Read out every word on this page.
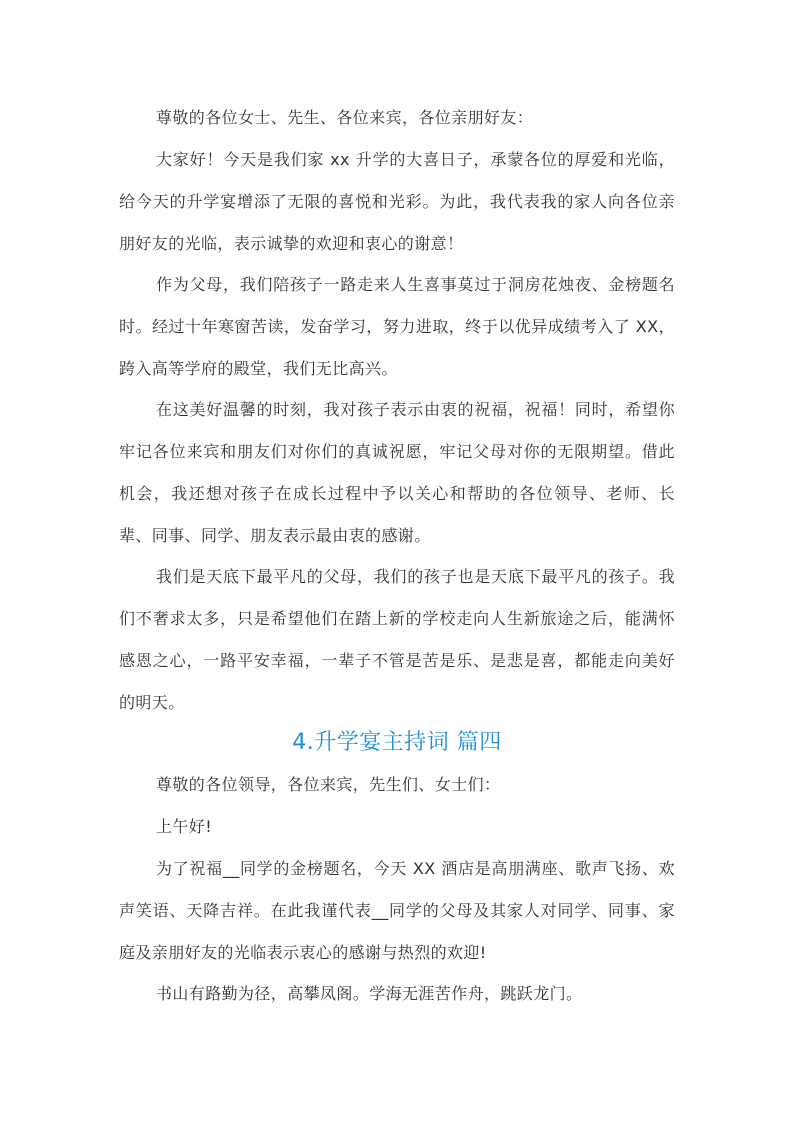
尊敬的各位女士、先生、各位来宾，各位亲朋好友：

大家好！今天是我们家 xx 升学的大喜日子，承蒙各位的厚爱和光临，给今天的升学宴增添了无限的喜悦和光彩。为此，我代表我的家人向各位亲朋好友的光临，表示诚挚的欢迎和衷心的谢意！

作为父母，我们陪孩子一路走来人生喜事莫过于洞房花烛夜、金榜题名时。经过十年寒窗苦读，发奋学习，努力进取，终于以优异成绩考入了 XX，跨入高等学府的殿堂，我们无比高兴。

在这美好温馨的时刻，我对孩子表示由衷的祝福，祝福！同时，希望你牢记各位来宾和朋友们对你们的真诚祝愿，牢记父母对你的无限期望。借此机会，我还想对孩子在成长过程中予以关心和帮助的各位领导、老师、长辈、同事、同学、朋友表示最由衷的感谢。

我们是天底下最平凡的父母，我们的孩子也是天底下最平凡的孩子。我们不奢求太多，只是希望他们在踏上新的学校走向人生新旅途之后，能满怀感恩之心，一路平安幸福，一辈子不管是苦是乐、是悲是喜，都能走向美好的明天。

4.升学宴主持词 篇四

尊敬的各位领导，各位来宾，先生们、女士们：

上午好!

为了祝福__同学的金榜题名，今天 XX 酒店是高朋满座、歌声飞扬、欢声笑语、天降吉祥。在此我谨代表__同学的父母及其家人对同学、同事、家庭及亲朋好友的光临表示衷心的感谢与热烈的欢迎!

书山有路勤为径，高攀凤阁。学海无涯苦作舟，跳跃龙门。
